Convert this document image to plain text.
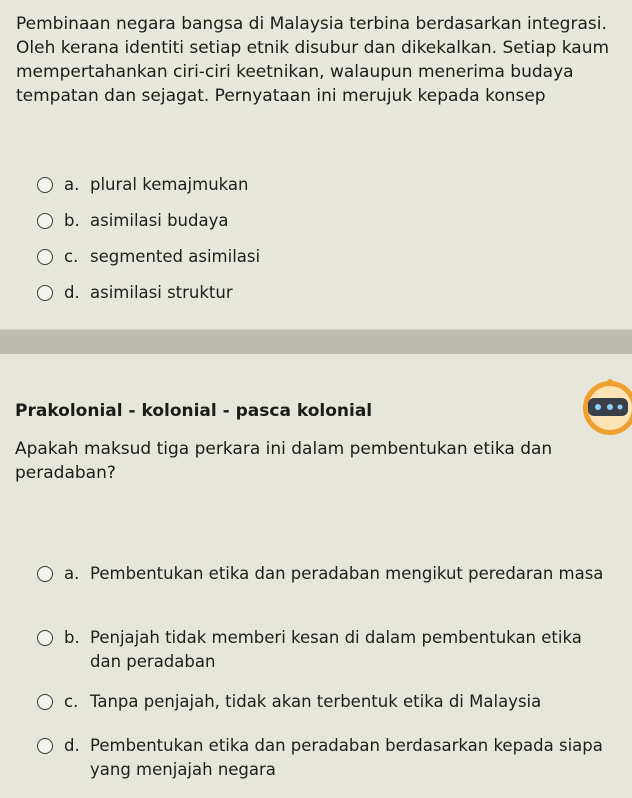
Pembinaan negara bangsa di Malaysia terbina berdasarkan integrasi. Oleh kerana identiti setiap etnik disubur dan dikekalkan. Setiap kaum mempertahankan ciri-ciri keetnikan, walaupun menerima budaya tempatan dan sejagat. Pernyataan ini merujuk kepada konsep

a. plural kemajmukan
b. asimilasi budaya
c. segmented asimilasi
d. asimilasi struktur

Prakolonial - kolonial - pasca kolonial

Apakah maksud tiga perkara ini dalam pembentukan etika dan peradaban?

a. Pembentukan etika dan peradaban mengikut peredaran masa
b. Penjajah tidak memberi kesan di dalam pembentukan etika dan peradaban
c. Tanpa penjajah, tidak akan terbentuk etika di Malaysia
d. Pembentukan etika dan peradaban berdasarkan kepada siapa yang menjajah negara
